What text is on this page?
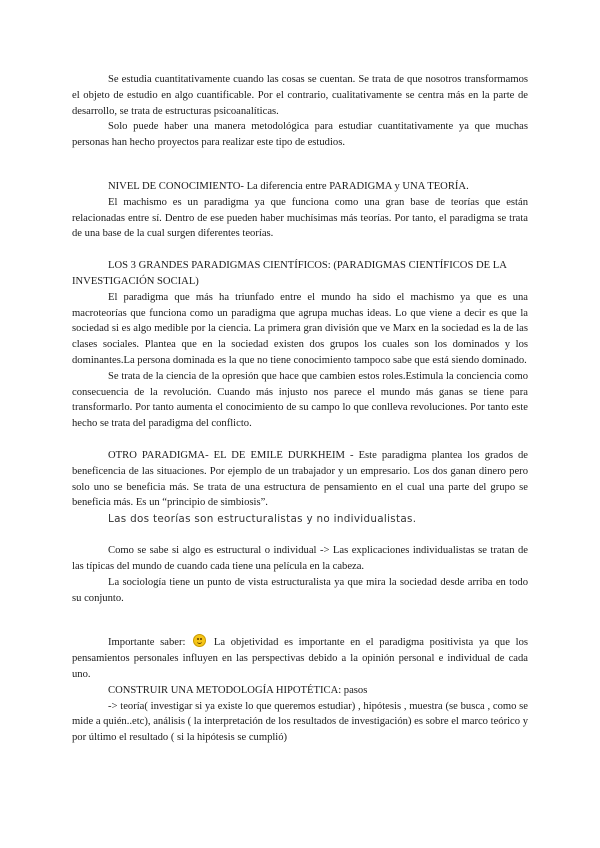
Se estudia cuantitativamente cuando las cosas se cuentan. Se trata de que nosotros transformamos el objeto de estudio en algo cuantificable. Por el contrario, cualitativamente se centra más en la parte de desarrollo, se trata de estructuras psicoanalíticas.

Solo puede haber una manera metodológica para estudiar cuantitativamente ya que muchas personas han hecho proyectos para realizar este tipo de estudios.

NIVEL DE CONOCIMIENTO- La diferencia entre PARADIGMA y UNA TEORÍA.

El machismo es un paradigma ya que funciona como una gran base de teorías que están relacionadas entre sí. Dentro de ese pueden haber muchísimas más teorías. Por tanto, el paradigma se trata de una base de la cual surgen diferentes teorías.

LOS 3 GRANDES PARADIGMAS CIENTÍFICOS: (PARADIGMAS CIENTÍFICOS DE LA INVESTIGACIÓN SOCIAL)

El paradigma que más ha triunfado entre el mundo ha sido el machismo ya que es una macroteorías que funciona como un paradigma que agrupa muchas ideas. Lo que viene a decir es que la sociedad si es algo medible por la ciencia. La primera gran división que ve Marx en la sociedad es la de las clases sociales. Plantea que en la sociedad existen dos grupos los cuales son los dominados y los dominantes.La persona dominada es la que no tiene conocimiento tampoco sabe que está siendo dominado.

Se trata de la ciencia de la opresión que hace que cambien estos roles.Estimula la conciencia como consecuencia de la revolución. Cuando más injusto nos parece el mundo más ganas se tiene para transformarlo. Por tanto aumenta el conocimiento de su campo lo que conlleva revoluciones. Por tanto este hecho se trata del paradigma del conflicto.

OTRO PARADIGMA- EL DE EMILE DURKHEIM - Este paradigma plantea los grados de beneficencia de las situaciones. Por ejemplo de un trabajador y un empresario. Los dos ganan dinero pero solo uno se beneficia más. Se trata de una estructura de pensamiento en el cual una parte del grupo se beneficia más. Es un “principio de simbiosis”.

Las dos teorías son estructuralistas y no individualistas.

Como se sabe si algo es estructural o individual -> Las explicaciones individualistas se tratan de las típicas del mundo de cuando cada tiene una película en la cabeza.

La sociología tiene un punto de vista estructuralista ya que mira la sociedad desde arriba en todo su conjunto.

Importante saber:	La objetividad es importante en el paradigma positivista ya que los pensamientos personales influyen en las perspectivas debido a la opinión personal e individual de cada uno.

CONSTRUIR UNA METODOLOGÍA HIPOTÉTICA: pasos

-> teoría( investigar si ya existe lo que queremos estudiar) , hipótesis , muestra (se busca , como se mide a quién..etc), análisis ( la interpretación de los resultados de investigación) es sobre el marco teórico y por último el resultado ( si la hipótesis se cumplió)
